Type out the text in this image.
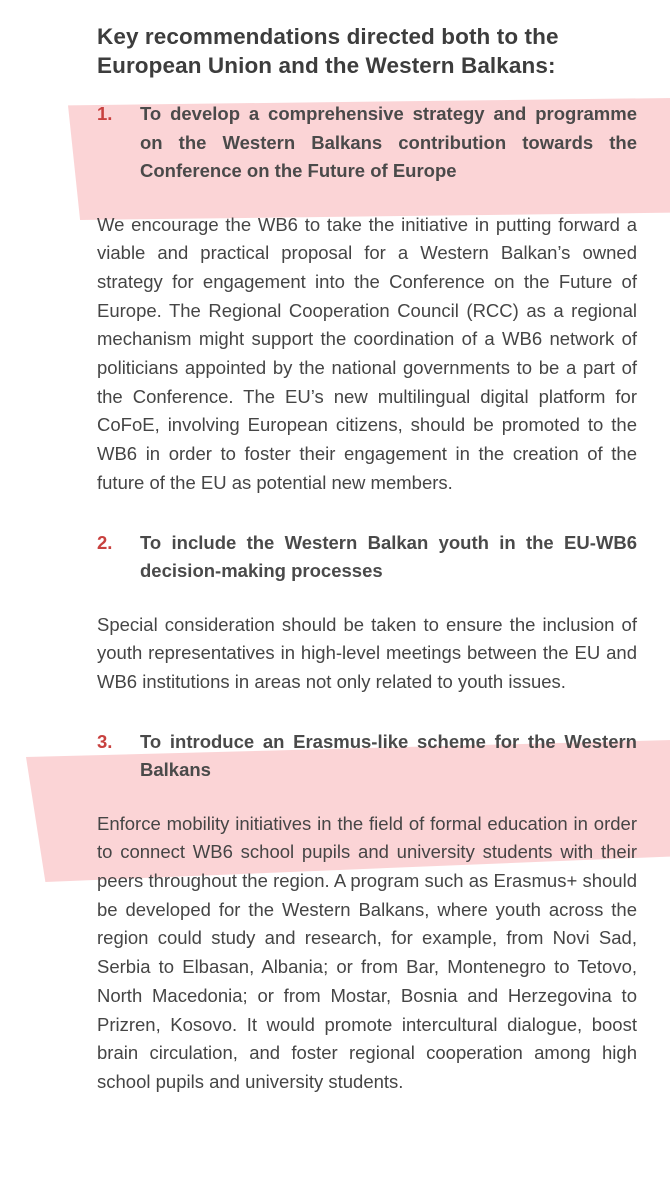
Key recommendations directed both to the European Union and the Western Balkans:
1.	To develop a comprehensive strategy and programme on the Western Balkans contribution towards the Conference on the Future of Europe

We encourage the WB6 to take the initiative in putting forward a viable and practical proposal for a Western Balkan’s owned strategy for engagement into the Conference on the Future of Europe. The Regional Cooperation Council (RCC) as a regional mechanism might support the coordination of a WB6 network of politicians appointed by the national governments to be a part of the Conference. The EU’s new multilingual digital platform for CoFoE, involving European citizens, should be promoted to the WB6 in order to foster their engagement in the creation of the future of the EU as potential new members.

2.	To include the Western Balkan youth in the EU-WB6 decision-making processes

Special consideration should be taken to ensure the inclusion of youth representatives in high-level meetings between the EU and WB6 institutions in areas not only related to youth issues.

3.	To introduce an Erasmus-like scheme for the Western Balkans

Enforce mobility initiatives in the field of formal education in order to connect WB6 school pupils and university students with their peers throughout the region. A program such as Erasmus+ should be developed for the Western Balkans, where youth across the region could study and research, for example, from Novi Sad, Serbia to Elbasan, Albania; or from Bar, Montenegro to Tetovo, North Macedonia; or from Mostar, Bosnia and Herzegovina to Prizren, Kosovo. It would promote intercultural dialogue, boost brain circulation, and foster regional cooperation among high school pupils and university students.
